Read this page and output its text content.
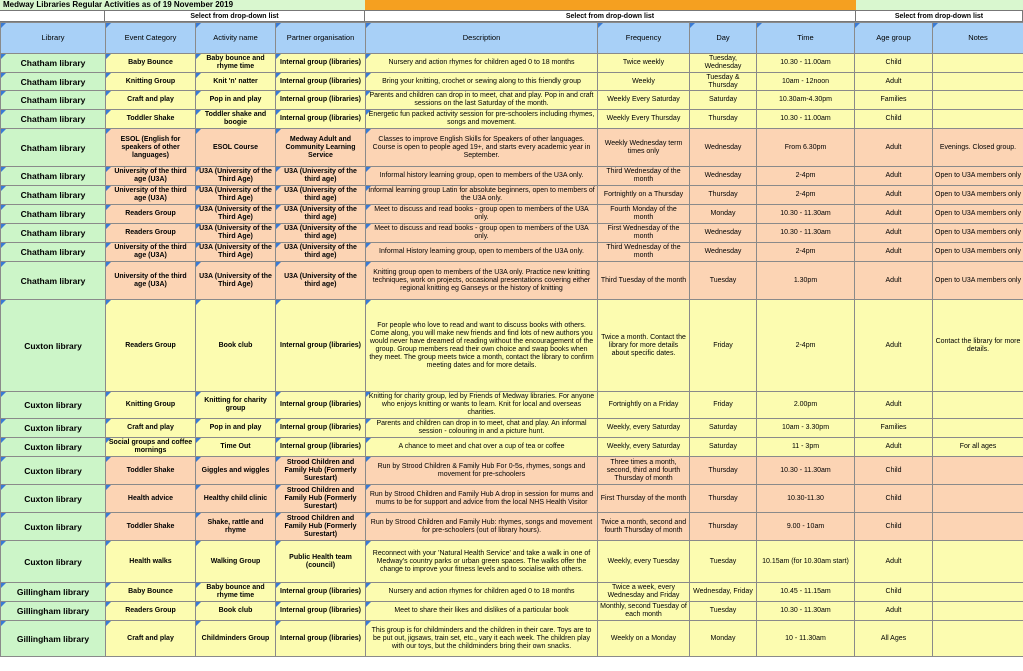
Medway Libraries Regular Activities as of 19 November 2019
Select from drop-down list	Select from drop-down list	Select from drop-down list
Library	Event Category	Activity name	Partner organisation	Description	Frequency	Day	Time	Age group	Notes

Chatham library	Baby Bounce	Baby bounce and rhyme time	Internal group (libraries)	Nursery and action rhymes for children aged 0 to 18 months	Twice weekly	Tuesday, Wednesday	10.30 - 11.00am	Child	
Chatham library	Knitting Group	Knit 'n' natter	Internal group (libraries)	Bring your knitting, crochet or sewing along to this friendly group	Weekly	Tuesday & Thursday	10am - 12noon	Adult	
Chatham library	Craft and play	Pop in and play	Internal group (libraries)	Parents and children can drop in to meet, chat and play. Pop in and craft sessions on the last Saturday of the month.	Weekly Every Saturday	Saturday	10.30am-4.30pm	Families	
Chatham library	Toddler Shake	Toddler shake and boogie	Internal group (libraries)	Energetic fun packed activity session for pre-schoolers including rhymes, songs and movement.	Weekly Every Thursday	Thursday	10.30 - 11.00am	Child	
Chatham library	ESOL (English for speakers of other languages)	ESOL Course	Medway Adult and Community Learning Service	Classes to improve English Skills for Speakers of other languages. Course is open to people aged 19+, and starts every academic year in September.	Weekly Wednesday term times only	Wednesday	From 6.30pm	Adult	Evenings. Closed group.
Chatham library	University of the third age (U3A)	U3A (University of the Third Age)	U3A (University of the third age)	Informal history learning group, open to members of the U3A only.	Third Wednesday of the month	Wednesday	2-4pm	Adult	Open to U3A members only
Chatham library	University of the third age (U3A)	U3A (University of the Third Age)	U3A (University of the third age)	Informal learning group Latin for absolute beginners, open to members of the U3A only.	Fortnightly on a Thursday	Thursday	2-4pm	Adult	Open to U3A members only
Chatham library	Readers Group	U3A (University of the Third Age)	U3A (University of the third age)	Meet to discuss and read books - group open to members of the U3A only.	Fourth Monday of the month	Monday	10.30 - 11.30am	Adult	Open to U3A members only
Chatham library	Readers Group	U3A (University of the Third Age)	U3A (University of the third age)	Meet to discuss and read books - group open to members of the U3A only.	First Wednesday of the month	Wednesday	10.30 - 11.30am	Adult	Open to U3A members only
Chatham library	University of the third age (U3A)	U3A (University of the Third Age)	U3A (University of the third age)	Informal History learning group, open to members of the U3A only.	Third Wednesday of the month	Wednesday	2-4pm	Adult	Open to U3A members only
Chatham library	University of the third age (U3A)	U3A (University of the Third Age)	U3A (University of the third age)	Knitting group open to members of the U3A only. Practice new knitting techniques, work on projects, occasional presentations covering either regional knitting eg Ganseys or the history of knitting	Third Tuesday of the month	Tuesday	1.30pm	Adult	Open to U3A members only
Cuxton library	Readers Group	Book club	Internal group (libraries)	For people who love to read and want to discuss books with others. Come along, you will make new friends and find lots of new authors you would never have dreamed of reading without the encouragement of the group. Group members read their own choice and swap books when they meet. The group meets twice a month, contact the library to confirm meeting dates and for more details.	Twice a month. Contact the library for more details about specific dates.	Friday	2-4pm	Adult	Contact the library for more details.
Cuxton library	Knitting Group	Knitting for charity group	Internal group (libraries)	Knitting for charity group, led by Friends of Medway libraries. For anyone who enjoys knitting or wants to learn. Knit for local and overseas charities.	Fortnightly on a Friday	Friday	2.00pm	Adult	
Cuxton library	Craft and play	Pop in and play	Internal group (libraries)	Parents and children can drop in to meet, chat and play. An informal session - colouring in and a picture hunt.	Weekly, every Saturday	Saturday	10am - 3.30pm	Families	
Cuxton library	Social groups and coffee mornings	Time Out	Internal group (libraries)	A chance to meet and chat over a cup of tea or coffee	Weekly, every Saturday	Saturday	11 - 3pm	Adult	For all ages
Cuxton library	Toddler Shake	Giggles and wiggles	Strood Children and Family Hub (Formerly Surestart)	Run by Strood Children & Family Hub For 0-5s, rhymes, songs and movement for pre-schoolers	Three times a month, second, third and fourth Thursday of month	Thursday	10.30 - 11.30am	Child	
Cuxton library	Health advice	Healthy child clinic	Strood Children and Family Hub (Formerly Surestart)	Run by Strood Children and Family Hub A drop in session for mums and mums to be for support and advice from the local NHS Health Visitor	First Thursday of the month	Thursday	10.30-11.30	Child	
Cuxton library	Toddler Shake	Shake, rattle and rhyme	Strood Children and Family Hub (Formerly Surestart)	Run by Strood Children and Family Hub: rhymes, songs and movement for pre-schoolers (out of library hours).	Twice a month, second and fourth Thursday of month	Thursday	9.00 - 10am	Child	
Cuxton library	Health walks	Walking Group	Public Health team (council)	Reconnect with your 'Natural Health Service' and take a walk in one of Medway's country parks or urban green spaces. The walks offer the change to improve your fitness levels and to socialise with others.	Weekly, every Tuesday	Tuesday	10.15am (for 10.30am start)	Adult	
Gillingham library	Baby Bounce	Baby bounce and rhyme time	Internal group (libraries)	Nursery and action rhymes for children aged 0 to 18 months	Twice a week, every Wednesday and Friday	Wednesday, Friday	10.45 - 11.15am	Child	
Gillingham library	Readers Group	Book club	Internal group (libraries)	Meet to share their likes and dislikes of a particular book	Monthly, second Tuesday of each month	Tuesday	10.30 - 11.30am	Adult	
Gillingham library	Craft and play	Childminders Group	Internal group (libraries)	This group is for childminders and the children in their care. Toys are to be put out, jigsaws, train set, etc., vary it each week. The children play with our toys, but the childminders bring their own snacks.	Weekly on a Monday	Monday	10 - 11.30am	All Ages	
